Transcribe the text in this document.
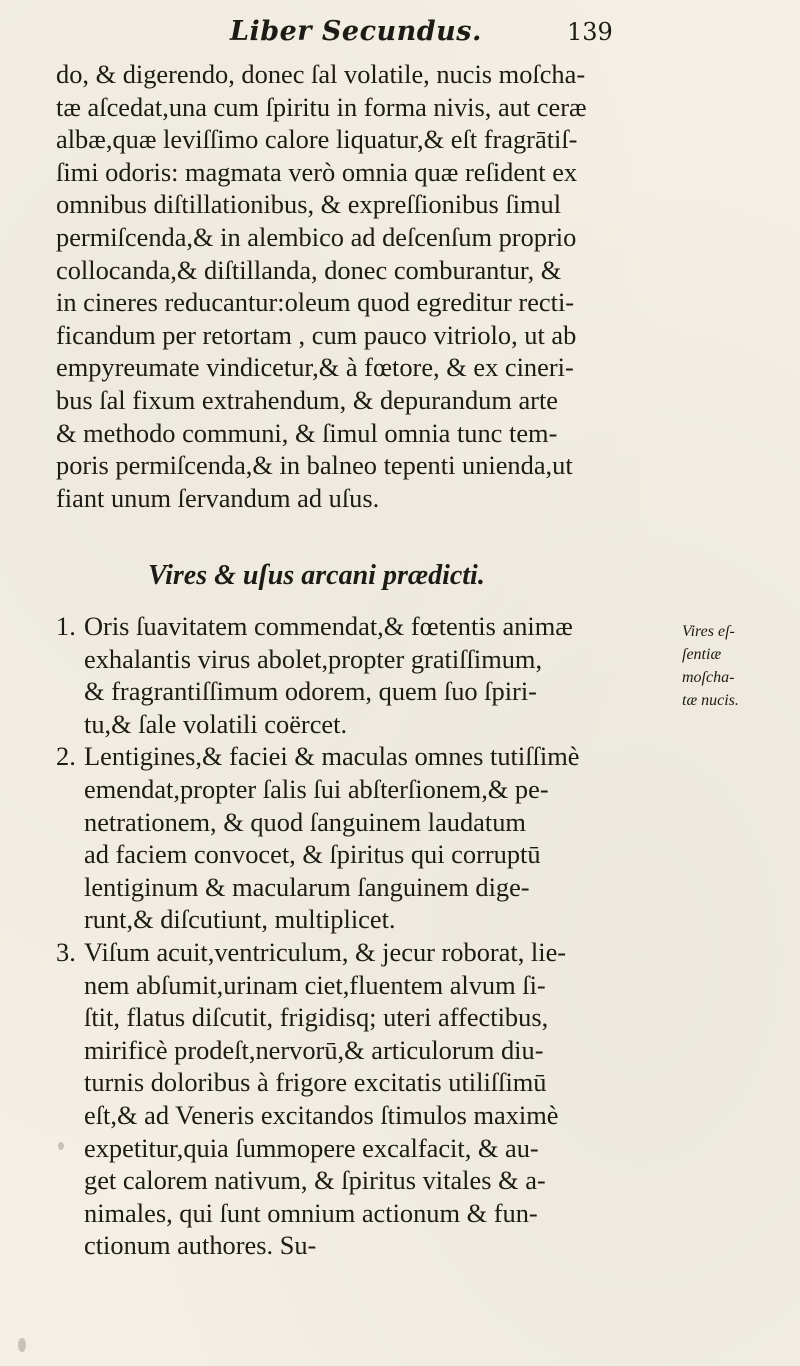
Liber Secundus.	139
do, & digerendo, donec ſal volatile, nucis moſcha-
tæ aſcedat,una cum ſpiritu in forma nivis, aut ceræ
albæ,quæ leviſſimo calore liquatur,& eſt fragrātiſ-
ſimi odoris: magmata verò omnia quæ reſident ex
omnibus diſtillationibus, & expreſſionibus ſimul
permiſcenda,& in alembico ad deſcenſum proprio
collocanda,& diſtillanda, donec comburantur, &
in cineres reducantur:oleum quod egreditur recti-
ficandum per retortam , cum pauco vitriolo, ut ab
empyreumate vindicetur,& à fœtore, & ex cineri-
bus ſal fixum extrahendum, & depurandum arte
& methodo communi, & ſimul omnia tunc tem-
poris permiſcenda,& in balneo tepenti unienda,ut
fiant unum ſervandum ad uſus.
Vires & uſus arcani prædicti.
1. Oris ſuavitatem commendat,& fœtentis animæ
exhalantis virus abolet,propter gratiſſimum,
& fragrantiſſimum odorem, quem ſuo ſpiri-
tu,& ſale volatili coërcet.
2. Lentigines,& faciei & maculas omnes tutiſſimè
emendat,propter ſalis ſui abſterſionem,& pe-
netrationem, & quod ſanguinem laudatum
ad faciem convocet, & ſpiritus qui corruptū
lentiginum & macularum ſanguinem dige-
runt,& diſcutiunt, multiplicet.
3. Viſum acuit,ventriculum, & jecur roborat, lie-
nem abſumit,urinam ciet,fluentem alvum ſi-
ſtit, flatus diſcutit, frigidisq; uteri affectibus,
mirificè prodeſt,nervorū,& articulorum diu-
turnis doloribus à frigore excitatis utiliſſimū
eſt,& ad Veneris excitandos ſtimulos maximè
expetitur,quia ſummopere excalfacit, & au-
get calorem nativum, & ſpiritus vitales & a-
nimales, qui ſunt omnium actionum & fun-
ctionum authores. Su-
Vires eſ-
ſentiæ
moſcha-
tæ nucis.
